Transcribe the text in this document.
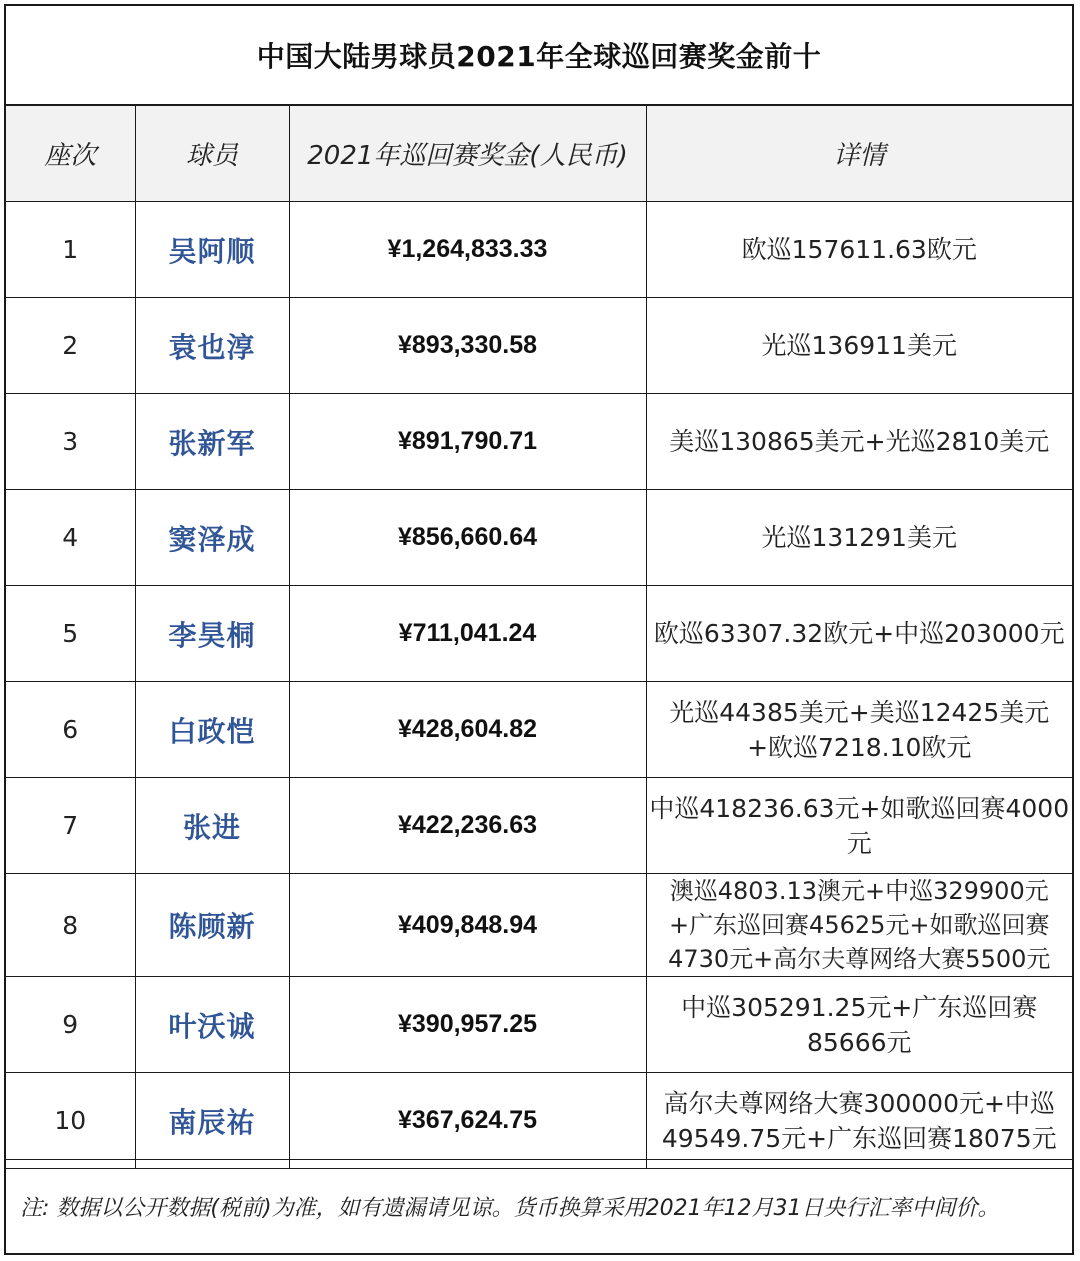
中国大陆男球员2021年全球巡回赛奖金前十
座次	球员	2021年巡回赛奖金(人民币)	详情
1	吴阿顺	¥1,264,833.33	欧巡157611.63欧元
2	袁也淳	¥893,330.58	光巡136911美元
3	张新军	¥891,790.71	美巡130865美元+光巡2810美元
4	窦泽成	¥856,660.64	光巡131291美元
5	李昊桐	¥711,041.24	欧巡63307.32欧元+中巡203000元
6	白政恺	¥428,604.82	光巡44385美元+美巡12425美元+欧巡7218.10欧元
7	张进	¥422,236.63	中巡418236.63元+如歌巡回赛4000元
8	陈顾新	¥409,848.94	澳巡4803.13澳元+中巡329900元+广东巡回赛45625元+如歌巡回赛4730元+高尔夫尊网络大赛5500元
9	叶沃诚	¥390,957.25	中巡305291.25元+广东巡回赛85666元
10	南辰祐	¥367,624.75	高尔夫尊网络大赛300000元+中巡49549.75元+广东巡回赛18075元
注: 数据以公开数据(税前)为准，如有遗漏请见谅。货币换算采用2021年12月31日央行汇率中间价。
